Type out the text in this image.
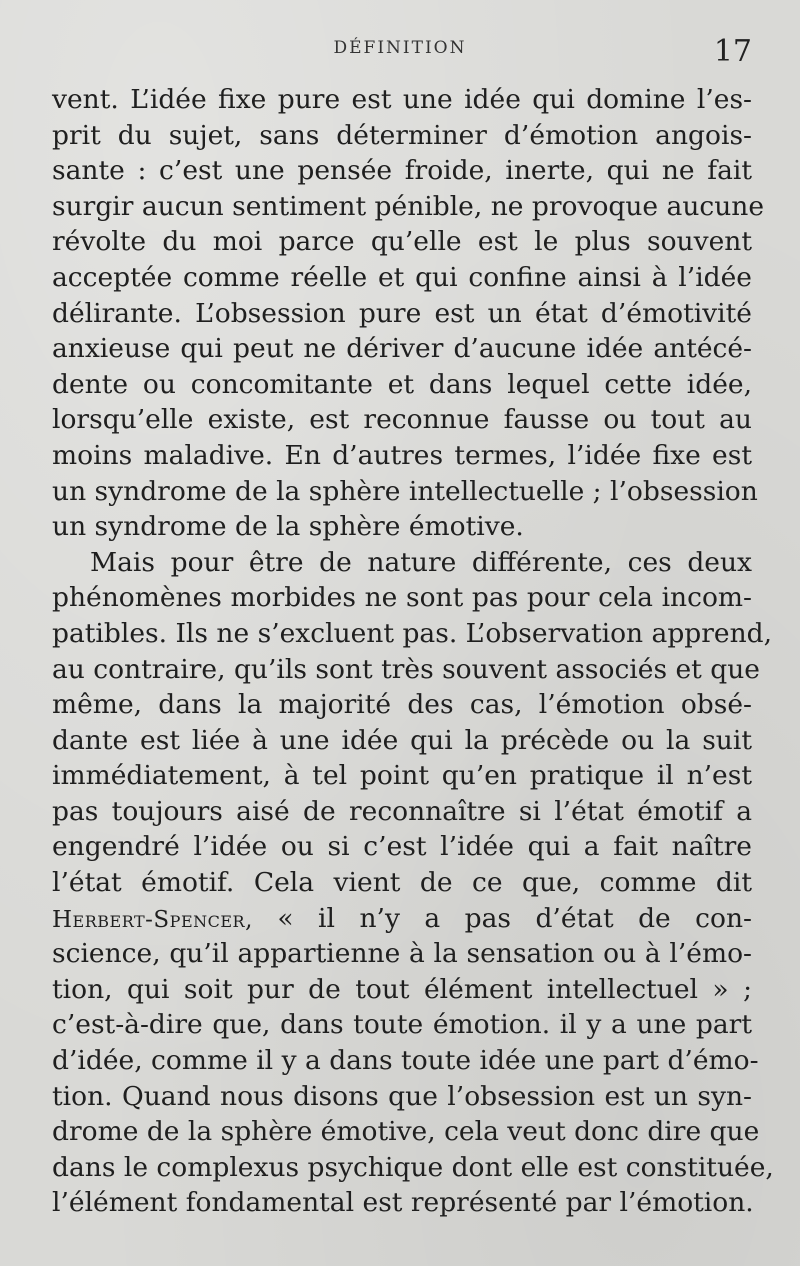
DÉFINITION	17
vent. L’idée fixe pure est une idée qui domine l’es-
prit du sujet, sans déterminer d’émotion angois-
sante : c’est une pensée froide, inerte, qui ne fait
surgir aucun sentiment pénible, ne provoque aucune
révolte du moi parce qu’elle est le plus souvent
acceptée comme réelle et qui confine ainsi à l’idée
délirante. L’obsession pure est un état d’émotivité
anxieuse qui peut ne dériver d’aucune idée antécé-
dente ou concomitante et dans lequel cette idée,
lorsqu’elle existe, est reconnue fausse ou tout au
moins maladive. En d’autres termes, l’idée fixe est
un syndrome de la sphère intellectuelle ; l’obsession
un syndrome de la sphère émotive.
Mais pour être de nature différente, ces deux
phénomènes morbides ne sont pas pour cela incom-
patibles. Ils ne s’excluent pas. L’observation apprend,
au contraire, qu’ils sont très souvent associés et que
même, dans la majorité des cas, l’émotion obsé-
dante est liée à une idée qui la précède ou la suit
immédiatement, à tel point qu’en pratique il n’est
pas toujours aisé de reconnaître si l’état émotif a
engendré l’idée ou si c’est l’idée qui a fait naître
l’état émotif. Cela vient de ce que, comme dit
Herbert-Spencer, « il n’y a pas d’état de con-
science, qu’il appartienne à la sensation ou à l’émo-
tion, qui soit pur de tout élément intellectuel » ;
c’est-à-dire que, dans toute émotion. il y a une part
d’idée, comme il y a dans toute idée une part d’émo-
tion. Quand nous disons que l’obsession est un syn-
drome de la sphère émotive, cela veut donc dire que
dans le complexus psychique dont elle est constituée,
l’élément fondamental est représenté par l’émotion.
